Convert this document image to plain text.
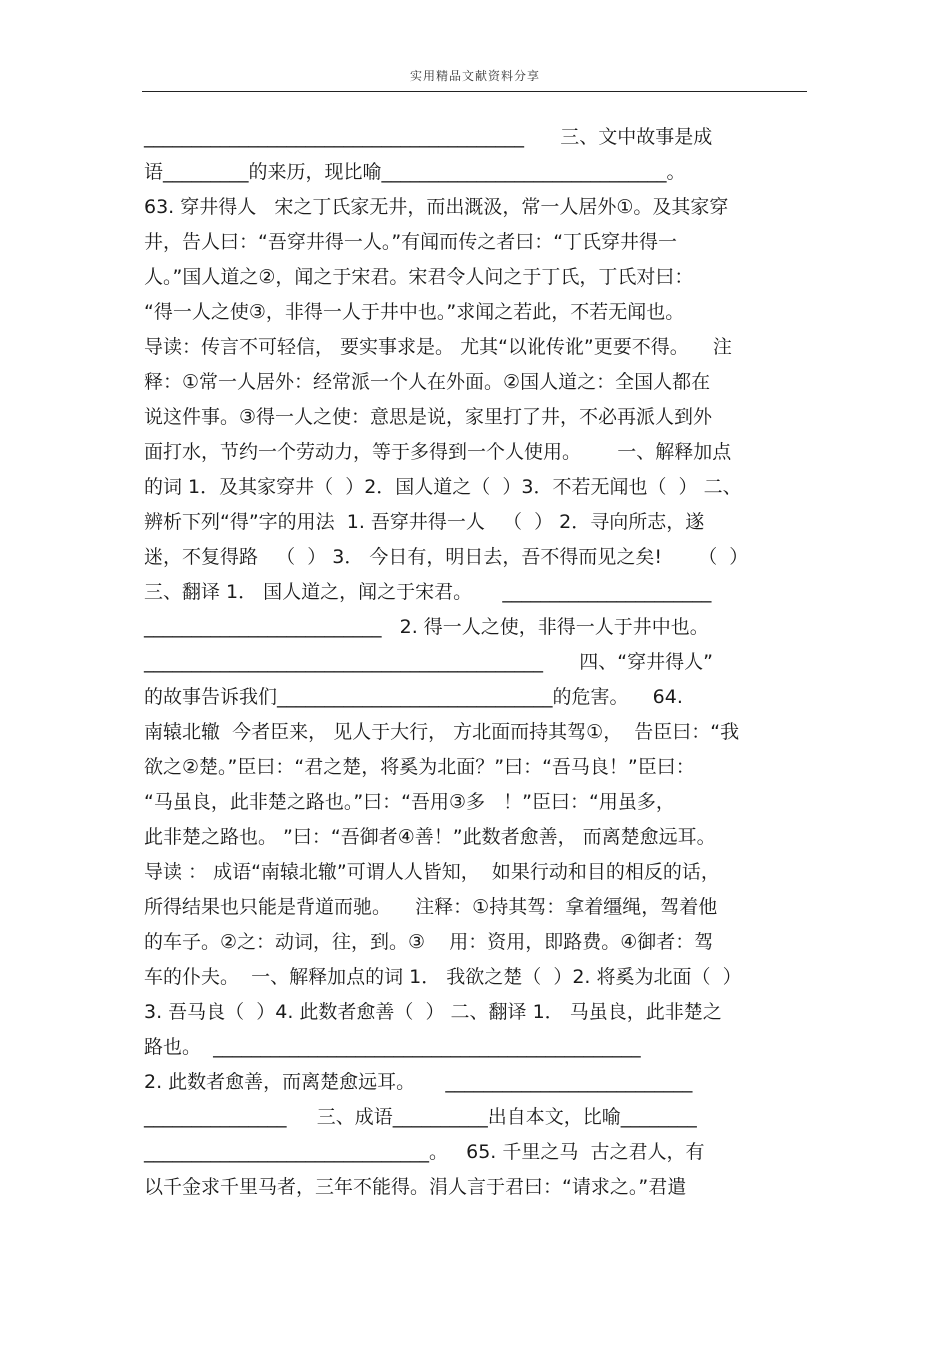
实用精品文献资料分享
________________________________________      三、文中故事是成
语_________的来历，现比喻______________________________。
63. 穿井得人   宋之丁氏家无井，而出溉汲，常一人居外①。及其家穿
井，告人曰：“吾穿井得一人。”有闻而传之者曰：“丁氏穿井得一
人。”国人道之②，闻之于宋君。宋君令人问之于丁氏，丁氏对曰：
“得一人之使③，非得一人于井中也。”求闻之若此，不若无闻也。
导读：传言不可轻信， 要实事求是。 尤其“以讹传讹”更要不得。    注
释：①常一人居外：经常派一个人在外面。②国人道之：全国人都在
说这件事。③得一人之使：意思是说，家里打了井，不必再派人到外
面打水，节约一个劳动力，等于多得到一个人使用。      一、解释加点
的词 1．及其家穿井（  ）2．国人道之（  ）3．不若无闻也（  ） 二、
辨析下列“得”字的用法  1. 吾穿井得一人   （  ） 2．寻向所志，遂
迷，不复得路   （  ） 3． 今日有，明日去，吾不得而见之矣!      （  ）
三、翻译 1． 国人道之，闻之于宋君。     ______________________
_________________________   2. 得一人之使，非得一人于井中也。
__________________________________________      四、“穿井得人”
的故事告诉我们_____________________________的危害。    64.
南辕北辙  今者臣来， 见人于大行， 方北面而持其驾①，  告臣曰：“我
欲之②楚。”臣曰：“君之楚，将奚为北面？”曰：“吾马良！”臣曰：
“马虽良，此非楚之路也。”曰：“吾用③多   ！”臣曰：“用虽多，
此非楚之路也。 ”曰：“吾御者④善！”此数者愈善， 而离楚愈远耳。
导读 ： 成语“南辕北辙”可谓人人皆知，  如果行动和目的相反的话，
所得结果也只能是背道而驰。    注释：①持其驾：拿着缰绳，驾着他
的车子。②之：动词，往，到。③    用：资用，即路费。④御者：驾
车的仆夫。  一、解释加点的词 1． 我欲之楚（  ）2. 将奚为北面（  ）
3. 吾马良（  ）4. 此数者愈善（  ） 二、翻译 1． 马虽良，此非楚之
路也。  _____________________________________________
2. 此数者愈善，而离楚愈远耳。     __________________________
_______________     三、成语__________出自本文，比喻________
______________________________。   65. 千里之马  古之君人，有
以千金求千里马者，三年不能得。涓人言于君曰：“请求之。”君遣
